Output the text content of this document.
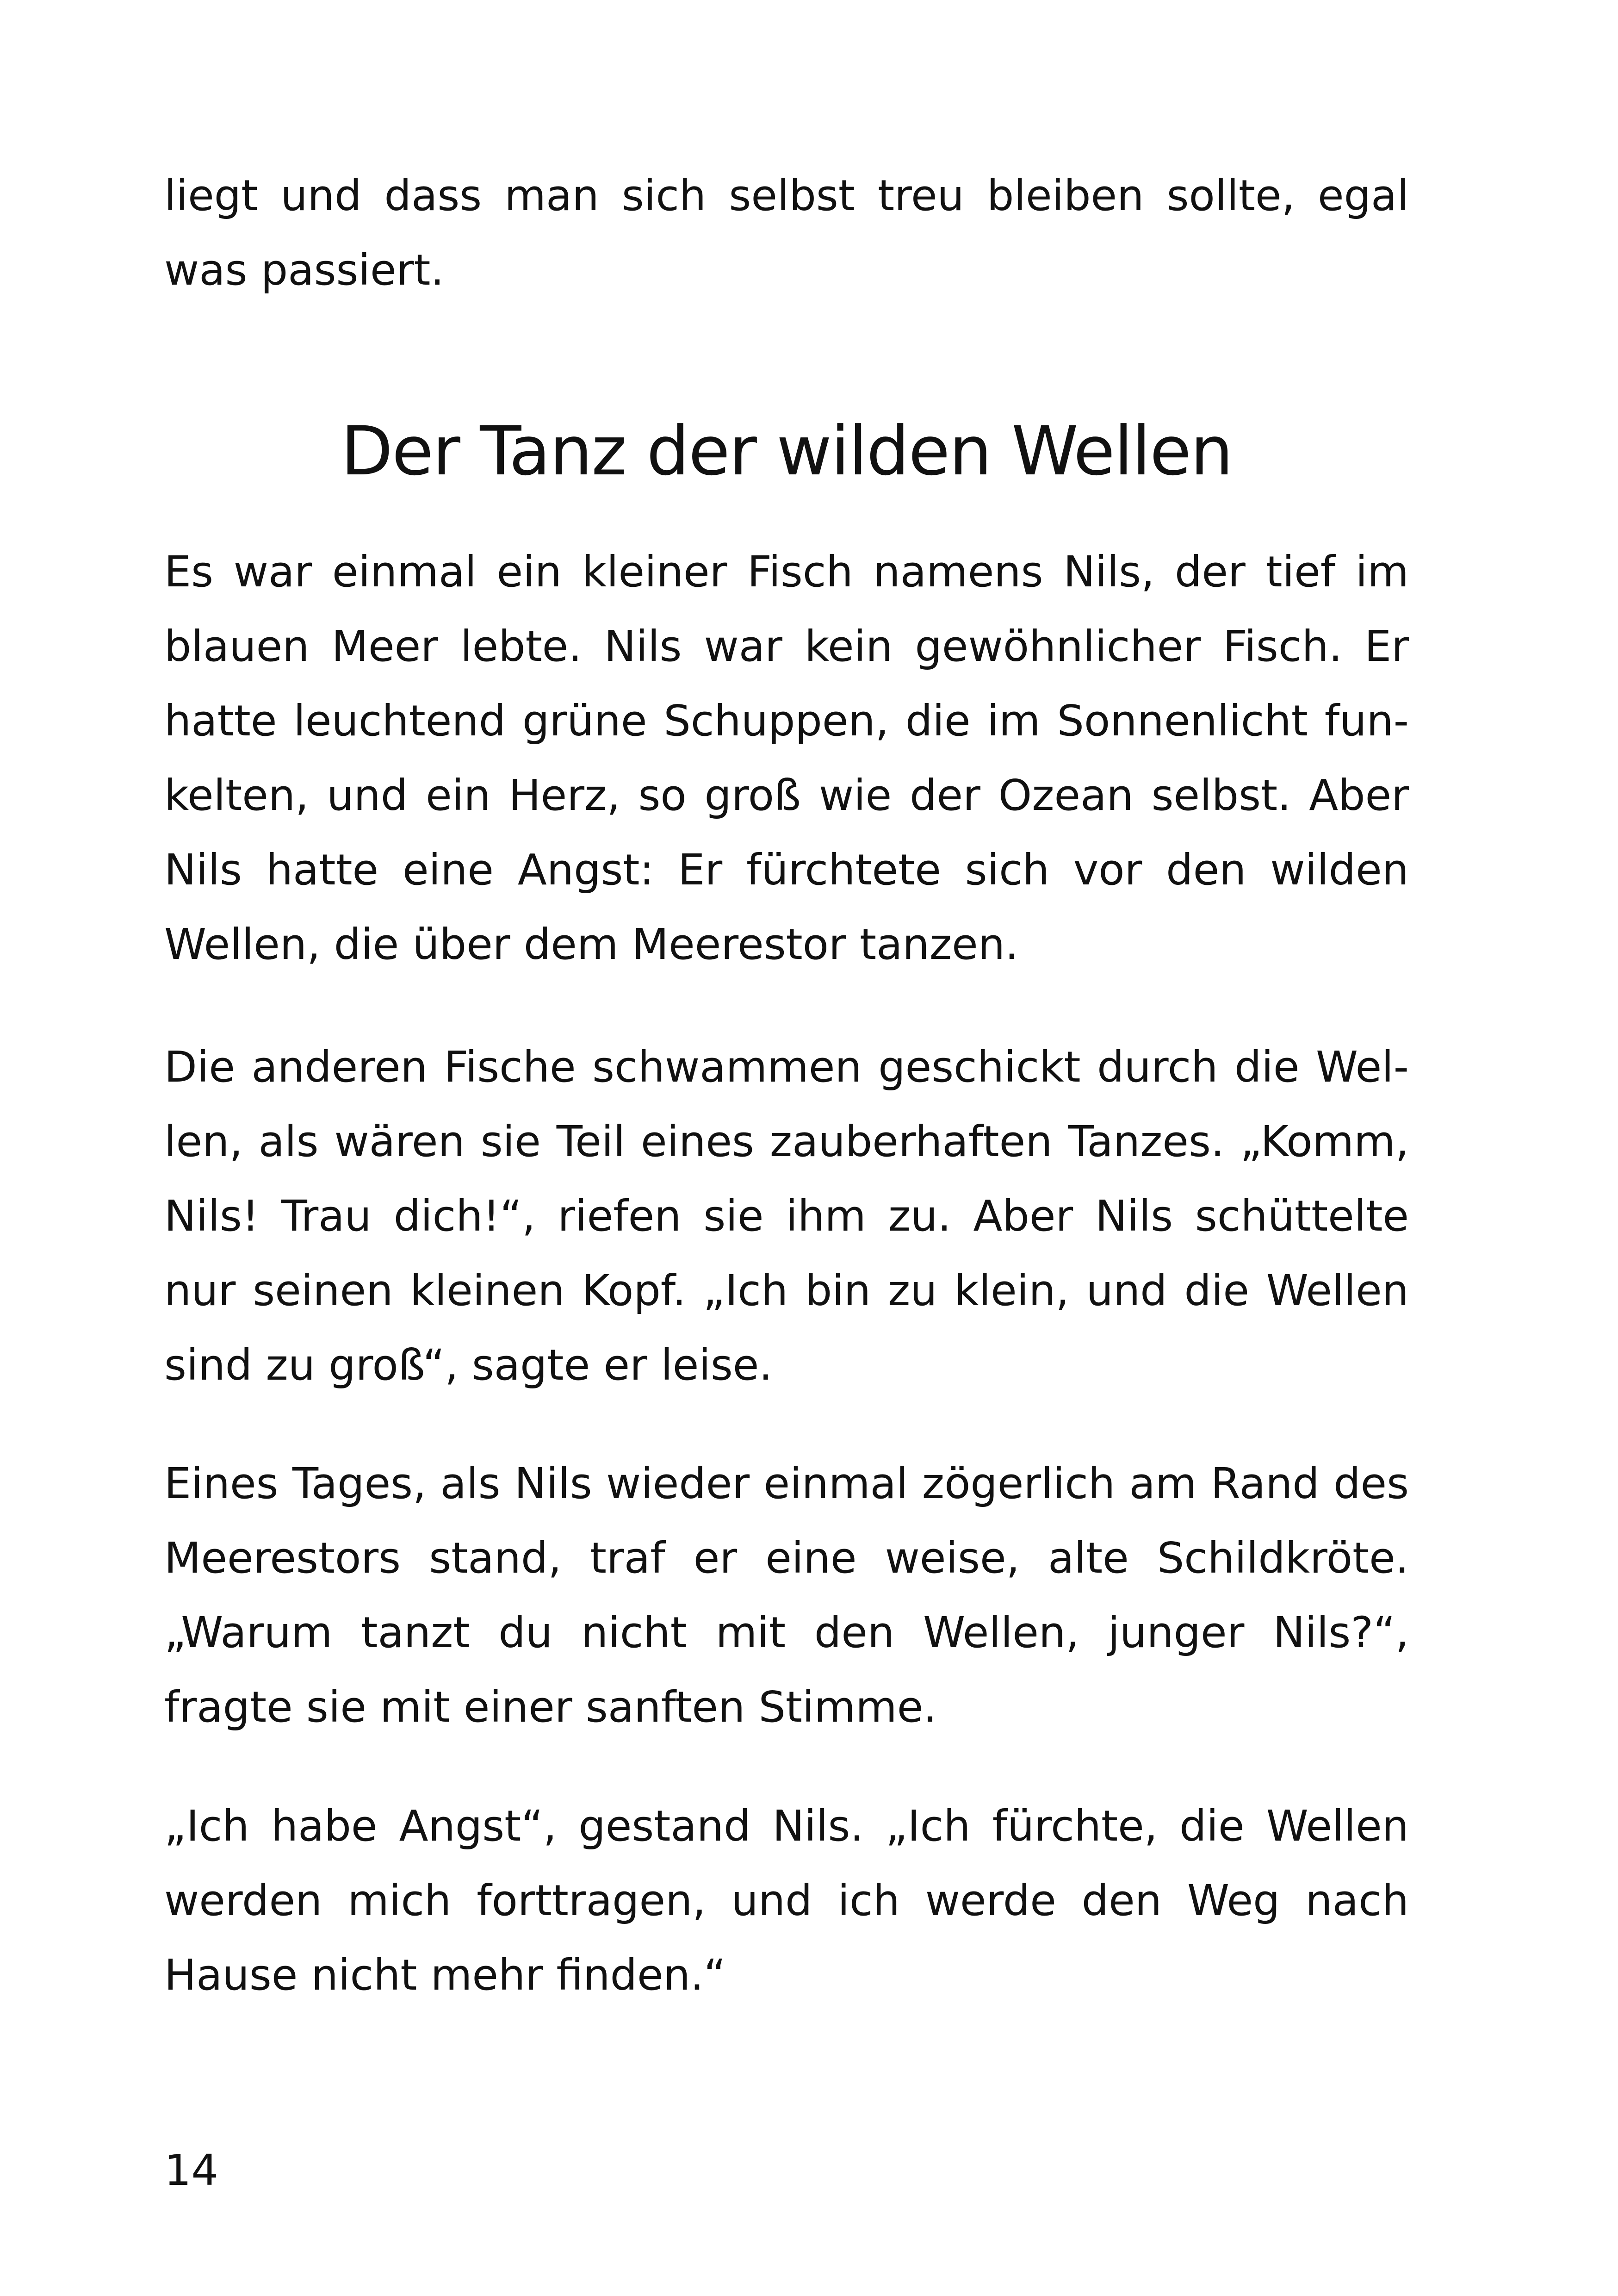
liegt und dass man sich selbst treu bleiben sollte, egal was passiert.

Der Tanz der wilden Wellen

Es war einmal ein kleiner Fisch namens Nils, der tief im blauen Meer lebte. Nils war kein gewöhnlicher Fisch. Er hatte leuchtend grüne Schuppen, die im Sonnenlicht funkelten, und ein Herz, so groß wie der Ozean selbst. Aber Nils hatte eine Angst: Er fürchtete sich vor den wilden Wellen, die über dem Meerestor tanzen.

Die anderen Fische schwammen geschickt durch die Wellen, als wären sie Teil eines zauberhaften Tanzes. „Komm, Nils! Trau dich!“, riefen sie ihm zu. Aber Nils schüttelte nur seinen kleinen Kopf. „Ich bin zu klein, und die Wellen sind zu groß“, sagte er leise.

Eines Tages, als Nils wieder einmal zögerlich am Rand des Meerestors stand, traf er eine weise, alte Schildkröte. „Warum tanzt du nicht mit den Wellen, junger Nils?“, fragte sie mit einer sanften Stimme.

„Ich habe Angst“, gestand Nils. „Ich fürchte, die Wellen werden mich forttragen, und ich werde den Weg nach Hause nicht mehr finden.“

14
